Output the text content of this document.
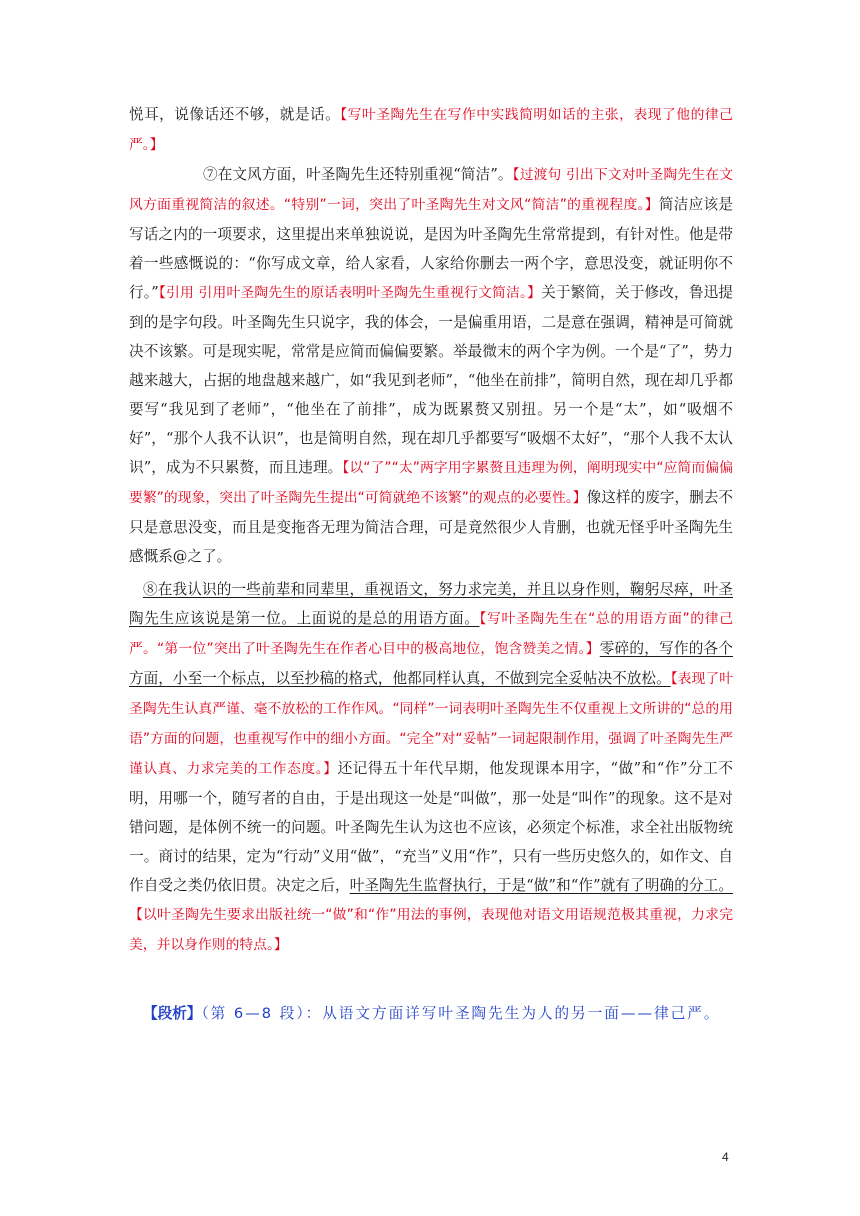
悦耳，说像话还不够，就是话。【写叶圣陶先生在写作中实践简明如话的主张，表现了他的律己严。】

⑦在文风方面，叶圣陶先生还特别重视“简洁”。【过渡句 引出下文对叶圣陶先生在文风方面重视简洁的叙述。“特别”一词，突出了叶圣陶先生对文风“简洁”的重视程度。】简洁应该是写话之内的一项要求，这里提出来单独说说，是因为叶圣陶先生常常提到，有针对性。他是带着一些感慨说的：“你写成文章，给人家看，人家给你删去一两个字，意思没变，就证明你不行。”【引用 引用叶圣陶先生的原话表明叶圣陶先生重视行文简洁。】关于繁简，关于修改，鲁迅提到的是字句段。叶圣陶先生只说字，我的体会，一是偏重用语，二是意在强调，精神是可简就决不该繁。可是现实呢，常常是应简而偏偏要繁。举最微末的两个字为例。一个是“了”，势力越来越大，占据的地盘越来越广，如“我见到老师”，“他坐在前排”，简明自然，现在却几乎都要写“我见到了老师”，“他坐在了前排”，成为既累赘又别扭。另一个是“太”，如“吸烟不好”，“那个人我不认识”，也是简明自然，现在却几乎都要写“吸烟不太好”，“那个人我不太认识”，成为不只累赘，而且违理。【以“了”“太”两字用字累赘且违理为例，阐明现实中“应简而偏偏要繁”的现象，突出了叶圣陶先生提出“可简就绝不该繁”的观点的必要性。】像这样的废字，删去不只是意思没变，而且是变拖沓无理为简洁合理，可是竟然很少人肯删，也就无怪乎叶圣陶先生感慨系@之了。

⑧在我认识的一些前辈和同辈里，重视语文，努力求完美，并且以身作则，鞠躬尽瘁，叶圣陶先生应该说是第一位。上面说的是总的用语方面。【写叶圣陶先生在“总的用语方面”的律己严。“第一位”突出了叶圣陶先生在作者心目中的极高地位，饱含赞美之情。】零碎的，写作的各个方面，小至一个标点，以至抄稿的格式，他都同样认真，不做到完全妥帖决不放松。【表现了叶圣陶先生认真严谨、毫不放松的工作作风。“同样”一词表明叶圣陶先生不仅重视上文所讲的“总的用语”方面的问题，也重视写作中的细小方面。“完全”对“妥帖”一词起限制作用，强调了叶圣陶先生严谨认真、力求完美的工作态度。】还记得五十年代早期，他发现课本用字，“做”和“作”分工不明，用哪一个，随写者的自由，于是出现这一处是“叫做”，那一处是“叫作”的现象。这不是对错问题，是体例不统一的问题。叶圣陶先生认为这也不应该，必须定个标准，求全社出版物统一。商讨的结果，定为“行动”义用“做”，“充当”义用“作”，只有一些历史悠久的，如作文、自作自受之类仍依旧贯。决定之后，叶圣陶先生监督执行，于是“做”和“作”就有了明确的分工。【以叶圣陶先生要求出版社统一“做”和“作”用法的事例，表现他对语文用语规范极其重视，力求完美，并以身作则的特点。】

【段析】（第 6—8 段）：从语文方面详写叶圣陶先生为人的另一面——律己严。

4
